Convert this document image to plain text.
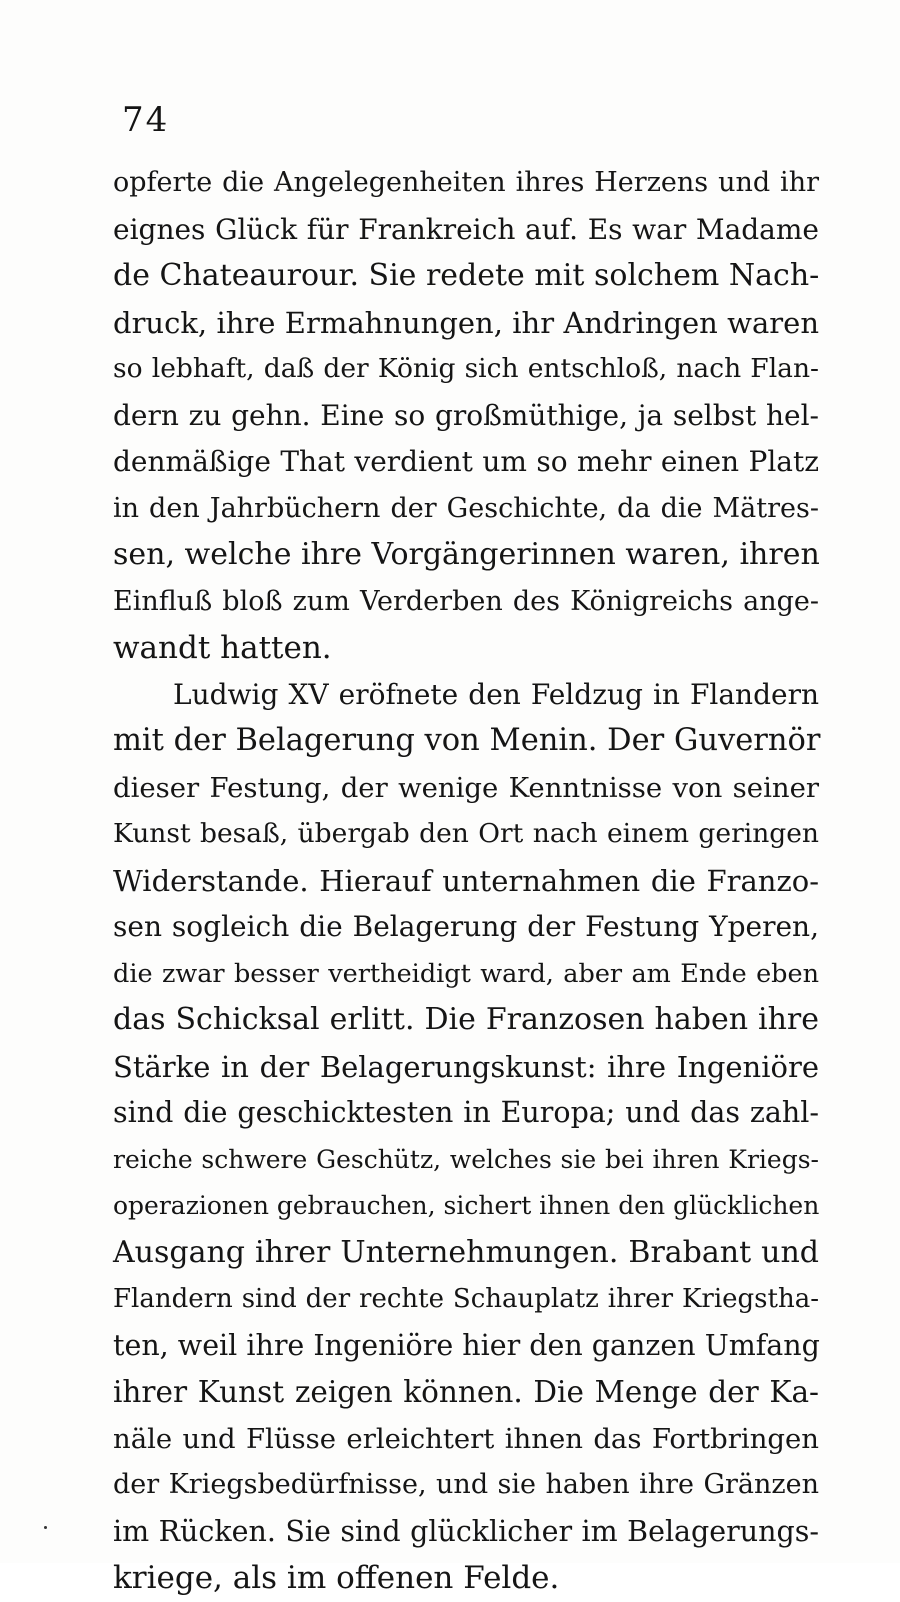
74
opferte die Angelegenheiten ihres Herzens und ihr
eignes Glück für Frankreich auf. Es war Madame
de Chateaurour. Sie redete mit solchem Nach-
druck, ihre Ermahnungen, ihr Andringen waren
so lebhaft, daß der König sich entschloß, nach Flan-
dern zu gehn. Eine so großmüthige, ja selbst hel-
denmäßige That verdient um so mehr einen Platz
in den Jahrbüchern der Geschichte, da die Mätres-
sen, welche ihre Vorgängerinnen waren, ihren
Einfluß bloß zum Verderben des Königreichs ange-
wandt hatten.
Ludwig XV eröfnete den Feldzug in Flandern
mit der Belagerung von Menin. Der Guvernör
dieser Festung, der wenige Kenntnisse von seiner
Kunst besaß, übergab den Ort nach einem geringen
Widerstande. Hierauf unternahmen die Franzo-
sen sogleich die Belagerung der Festung Yperen,
die zwar besser vertheidigt ward, aber am Ende eben
das Schicksal erlitt. Die Franzosen haben ihre
Stärke in der Belagerungskunst: ihre Ingeniöre
sind die geschicktesten in Europa; und das zahl-
reiche schwere Geschütz, welches sie bei ihren Kriegs-
operazionen gebrauchen, sichert ihnen den glücklichen
Ausgang ihrer Unternehmungen. Brabant und
Flandern sind der rechte Schauplatz ihrer Kriegstha-
ten, weil ihre Ingeniöre hier den ganzen Umfang
ihrer Kunst zeigen können. Die Menge der Ka-
näle und Flüsse erleichtert ihnen das Fortbringen
der Kriegsbedürfnisse, und sie haben ihre Gränzen
im Rücken. Sie sind glücklicher im Belagerungs-
kriege, als im offenen Felde.
